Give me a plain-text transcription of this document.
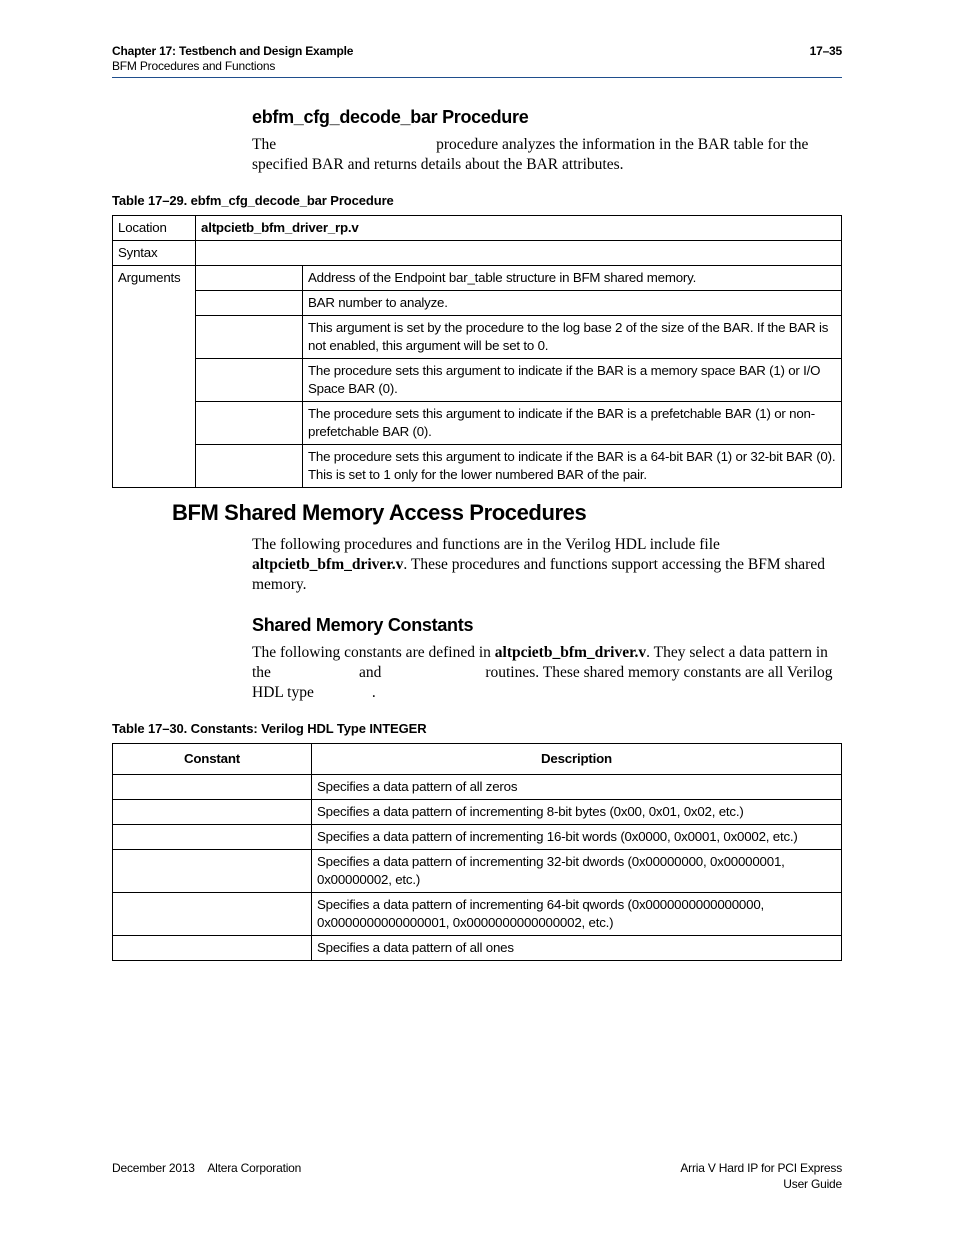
Chapter 17: Testbench and Design Example
BFM Procedures and Functions
17–35
ebfm_cfg_decode_bar Procedure
The	procedure analyzes the information in the BAR table for the specified BAR and returns details about the BAR attributes.
Table 17–29. ebfm_cfg_decode_bar Procedure
Location	altpcietb_bfm_driver_rp.v	
Syntax		
Arguments		Address of the Endpoint bar_table structure in BFM shared memory.
		BAR number to analyze.
		This argument is set by the procedure to the log base 2 of the size of the BAR. If the BAR is not enabled, this argument will be set to 0.
		The procedure sets this argument to indicate if the BAR is a memory space BAR (1) or I/O Space BAR (0).
		The procedure sets this argument to indicate if the BAR is a prefetchable BAR (1) or non-prefetchable BAR (0).
		The procedure sets this argument to indicate if the BAR is a 64-bit BAR (1) or 32-bit BAR (0). This is set to 1 only for the lower numbered BAR of the pair.
BFM Shared Memory Access Procedures
The following procedures and functions are in the Verilog HDL include file altpcietb_bfm_driver.v. These procedures and functions support accessing the BFM shared memory.
Shared Memory Constants
The following constants are defined in altpcietb_bfm_driver.v. They select a data pattern in the	and	routines. These shared memory constants are all Verilog HDL type	.
Table 17–30. Constants: Verilog HDL Type INTEGER
Constant	Description
	Specifies a data pattern of all zeros
	Specifies a data pattern of incrementing 8-bit bytes (0x00, 0x01, 0x02, etc.)
	Specifies a data pattern of incrementing 16-bit words (0x0000, 0x0001, 0x0002, etc.)
	Specifies a data pattern of incrementing 32-bit dwords (0x00000000, 0x00000001, 0x00000002, etc.)
	Specifies a data pattern of incrementing 64-bit qwords (0x0000000000000000, 0x0000000000000001, 0x0000000000000002, etc.)
	Specifies a data pattern of all ones
December 2013 Altera Corporation	Arria V Hard IP for PCI Express
User Guide
